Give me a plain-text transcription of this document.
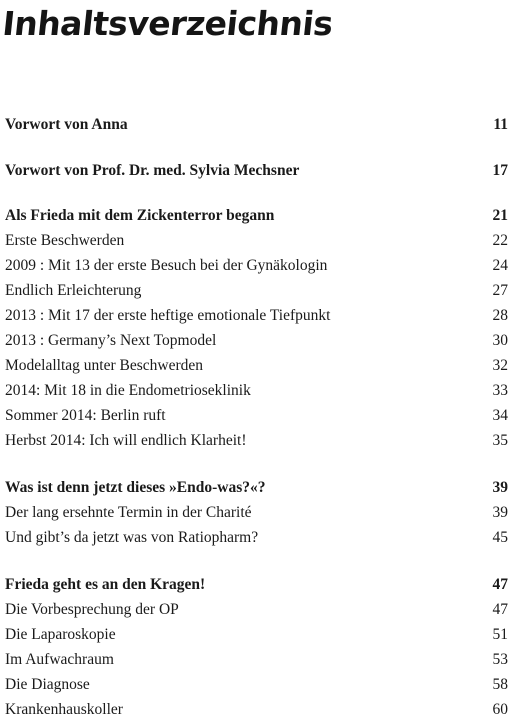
Inhaltsverzeichnis
Vorwort von Anna	11
Vorwort von Prof. Dr. med. Sylvia Mechsner	17
Als Frieda mit dem Zickenterror begann	21
Erste Beschwerden	22
2009 : Mit 13 der erste Besuch bei der Gynäkologin	24
Endlich Erleichterung	27
2013 : Mit 17 der erste heftige emotionale Tiefpunkt	28
2013 : Germany’s Next Topmodel	30
Modelalltag unter Beschwerden	32
2014: Mit 18 in die Endometrioseklinik	33
Sommer 2014: Berlin ruft	34
Herbst 2014: Ich will endlich Klarheit!	35
Was ist denn jetzt dieses »Endo-was?«?	39
Der lang ersehnte Termin in der Charité	39
Und gibt’s da jetzt was von Ratiopharm?	45
Frieda geht es an den Kragen!	47
Die Vorbesprechung der OP	47
Die Laparoskopie	51
Im Aufwachraum	53
Die Diagnose	58
Krankenhauskoller	60
